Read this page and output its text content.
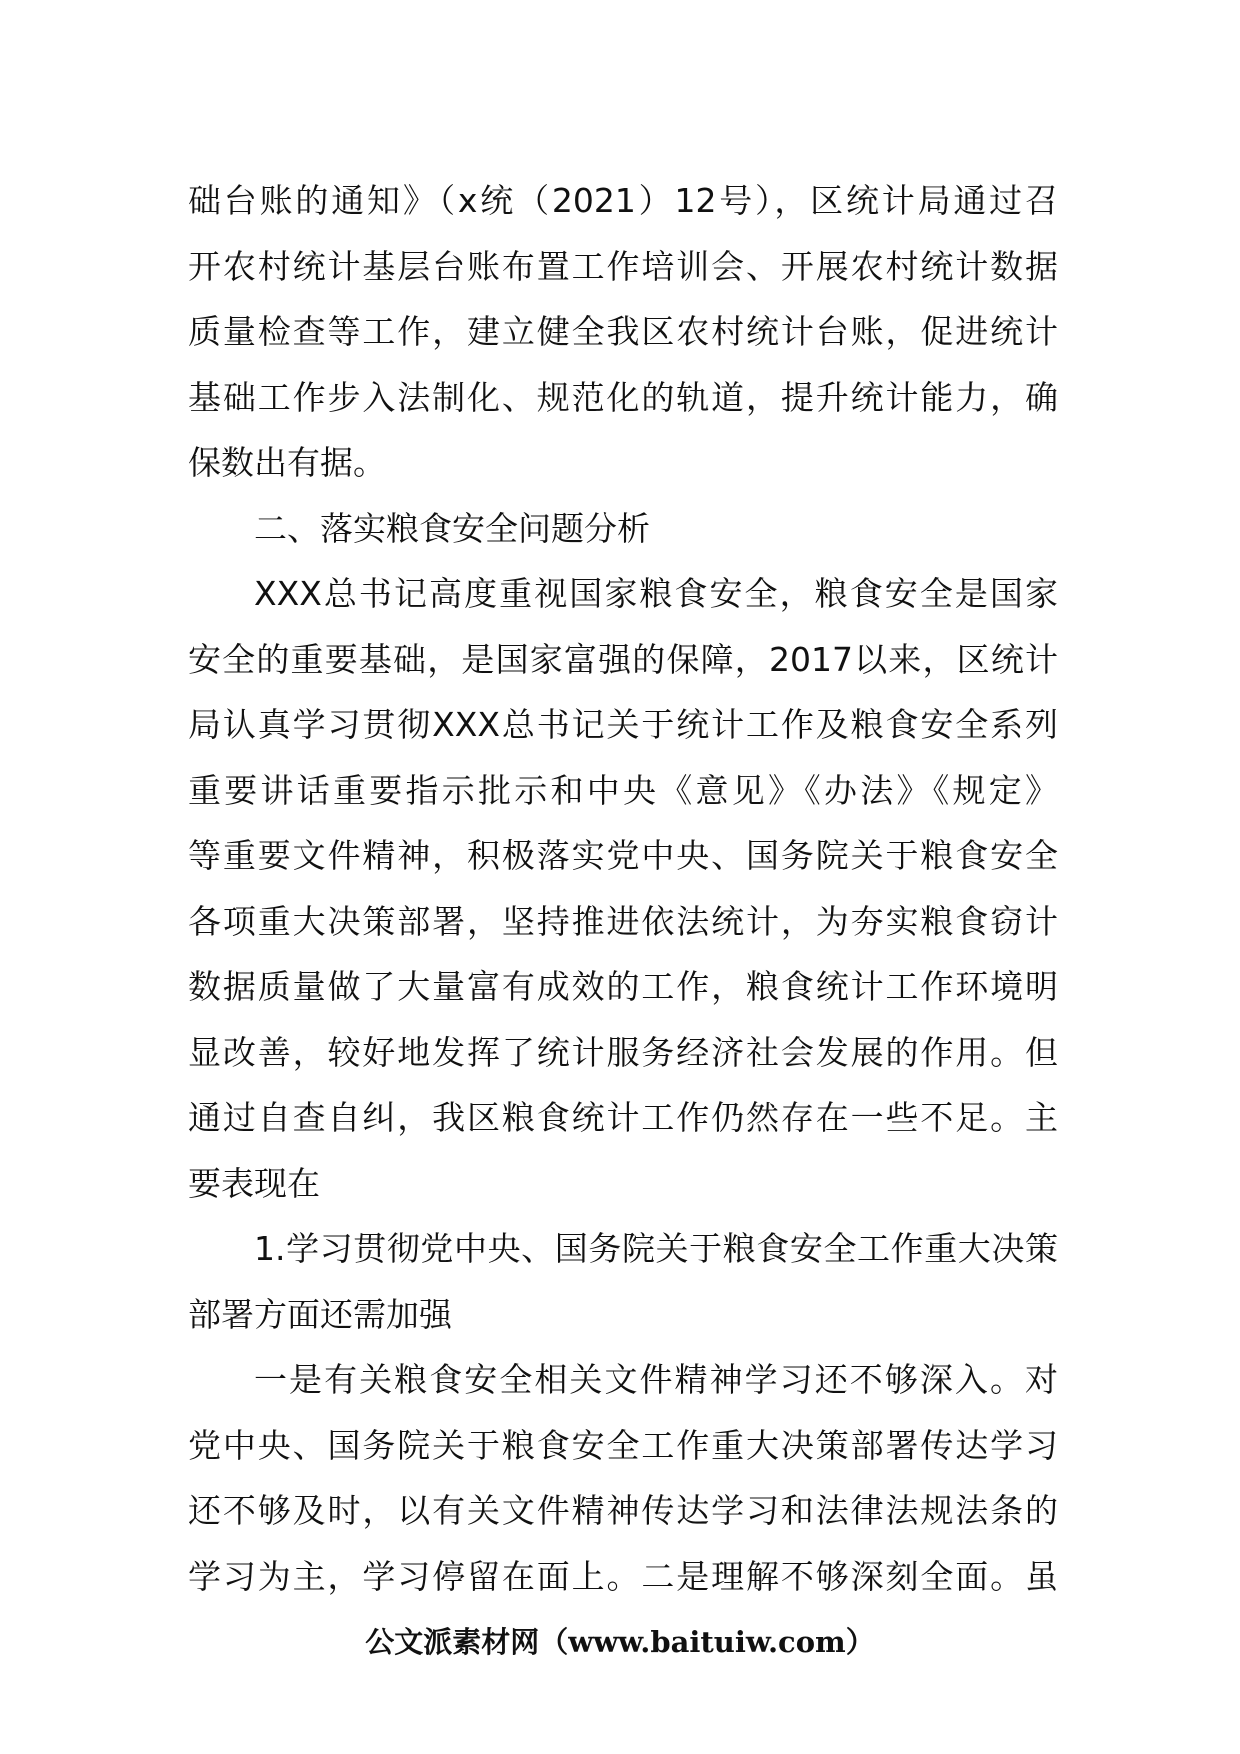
础台账的通知》（x统（2021）12号），区统计局通过召
开农村统计基层台账布置工作培训会、开展农村统计数据
质量检查等工作，建立健全我区农村统计台账，促进统计
基础工作步入法制化、规范化的轨道，提升统计能力，确
保数出有据。
二、落实粮食安全问题分析
XXX总书记高度重视国家粮食安全，粮食安全是国家
安全的重要基础，是国家富强的保障，2017以来，区统计
局认真学习贯彻XXX总书记关于统计工作及粮食安全系列
重要讲话重要指示批示和中央《意见》《办法》《规定》
等重要文件精神，积极落实党中央、国务院关于粮食安全
各项重大决策部署，坚持推进依法统计，为夯实粮食窃计
数据质量做了大量富有成效的工作，粮食统计工作环境明
显改善，较好地发挥了统计服务经济社会发展的作用。但
通过自查自纠，我区粮食统计工作仍然存在一些不足。主
要表现在
1.学习贯彻党中央、国务院关于粮食安全工作重大决策
部署方面还需加强
一是有关粮食安全相关文件精神学习还不够深入。对
党中央、国务院关于粮食安全工作重大决策部署传达学习
还不够及时，以有关文件精神传达学习和法律法规法条的
学习为主，学习停留在面上。二是理解不够深刻全面。虽
公文派素材网（www.baituiw.com）
